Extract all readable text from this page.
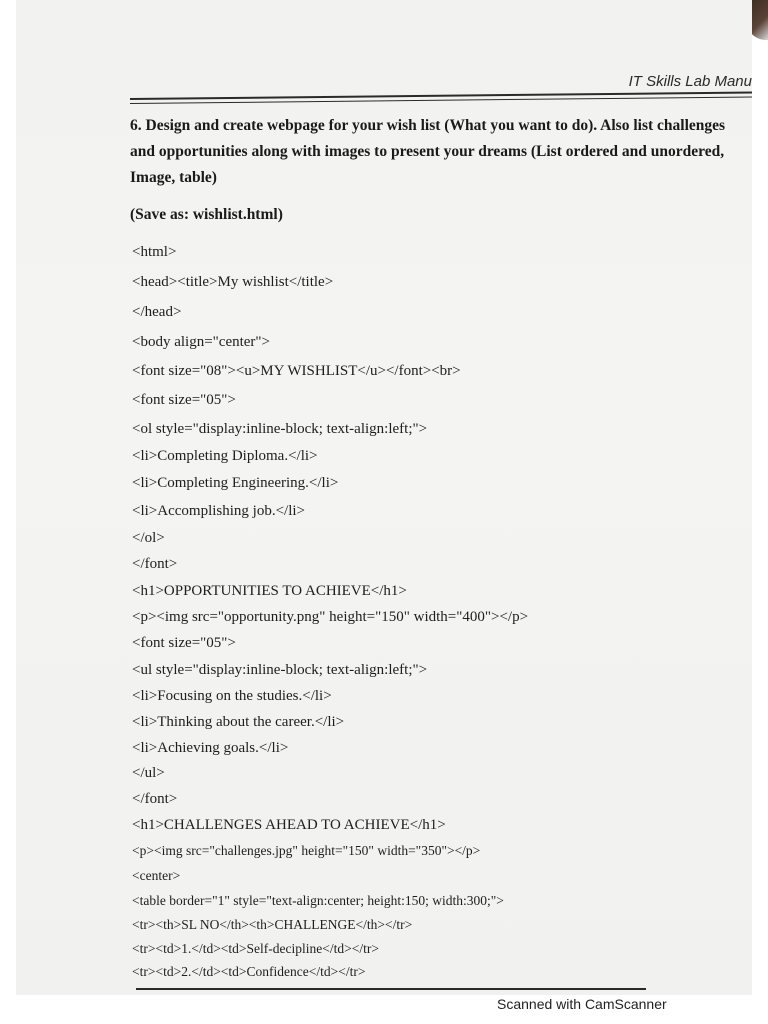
IT Skills Lab Manu
6. Design and create webpage for your wish list (What you want to do). Also list challenges and opportunities along with images to present your dreams (List ordered and unordered, Image, table)
(Save as: wishlist.html)
<html>
<head><title>My wishlist</title>
</head>
<body align="center">
<font size="08"><u>MY WISHLIST</u></font><br>
<font size="05">
<ol style="display:inline-block; text-align:left;">
<li>Completing Diploma.</li>
<li>Completing Engineering.</li>
<li>Accomplishing job.</li>
</ol>
</font>
<h1>OPPORTUNITIES TO ACHIEVE</h1>
<p><img src="opportunity.png" height="150" width="400"></p>
<font size="05">
<ul style="display:inline-block; text-align:left;">
<li>Focusing on the studies.</li>
<li>Thinking about the career.</li>
<li>Achieving goals.</li>
</ul>
</font>
<h1>CHALLENGES AHEAD TO ACHIEVE</h1>
<p><img src="challenges.jpg" height="150" width="350"></p>
<center>
<table border="1" style="text-align:center; height:150; width:300;">
<tr><th>SL NO</th><th>CHALLENGE</th></tr>
<tr><td>1.</td><td>Self-decipline</td></tr>
<tr><td>2.</td><td>Confidence</td></tr>
Scanned with CamScanner
